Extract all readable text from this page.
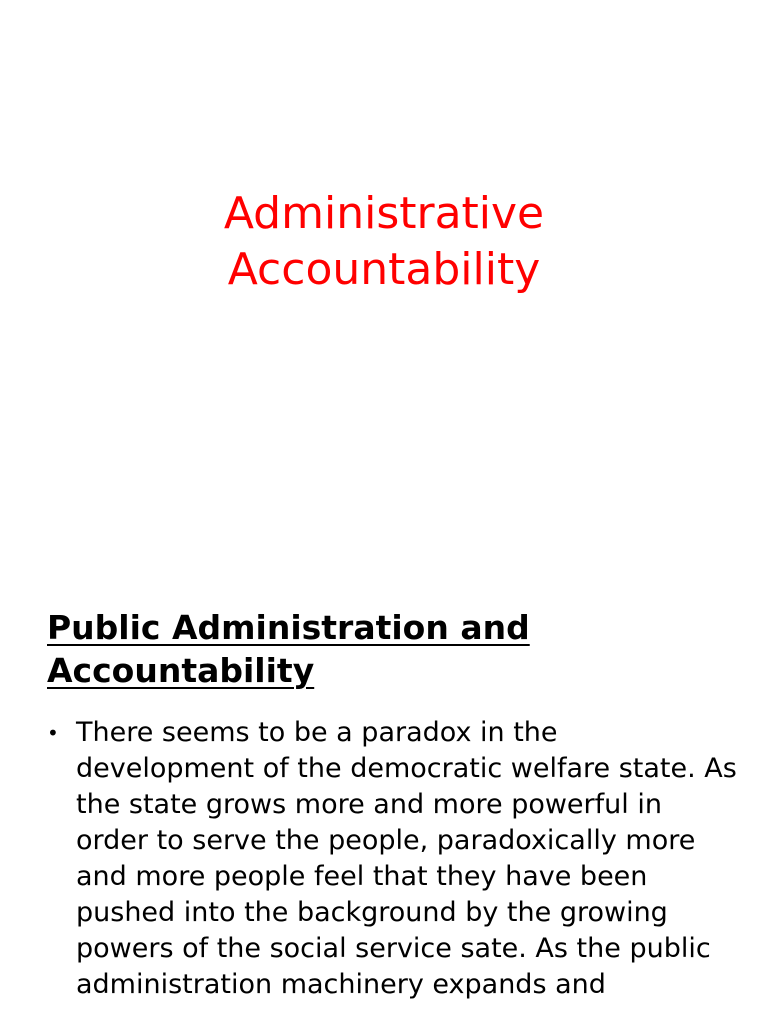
Administrative
Accountability
Public Administration and
Accountability
• There seems to be a paradox in the development of the democratic welfare state. As the state grows more and more powerful in order to serve the people, paradoxically more and more people feel that they have been pushed into the background by the growing powers of the social service sate. As the public administration machinery expands and
